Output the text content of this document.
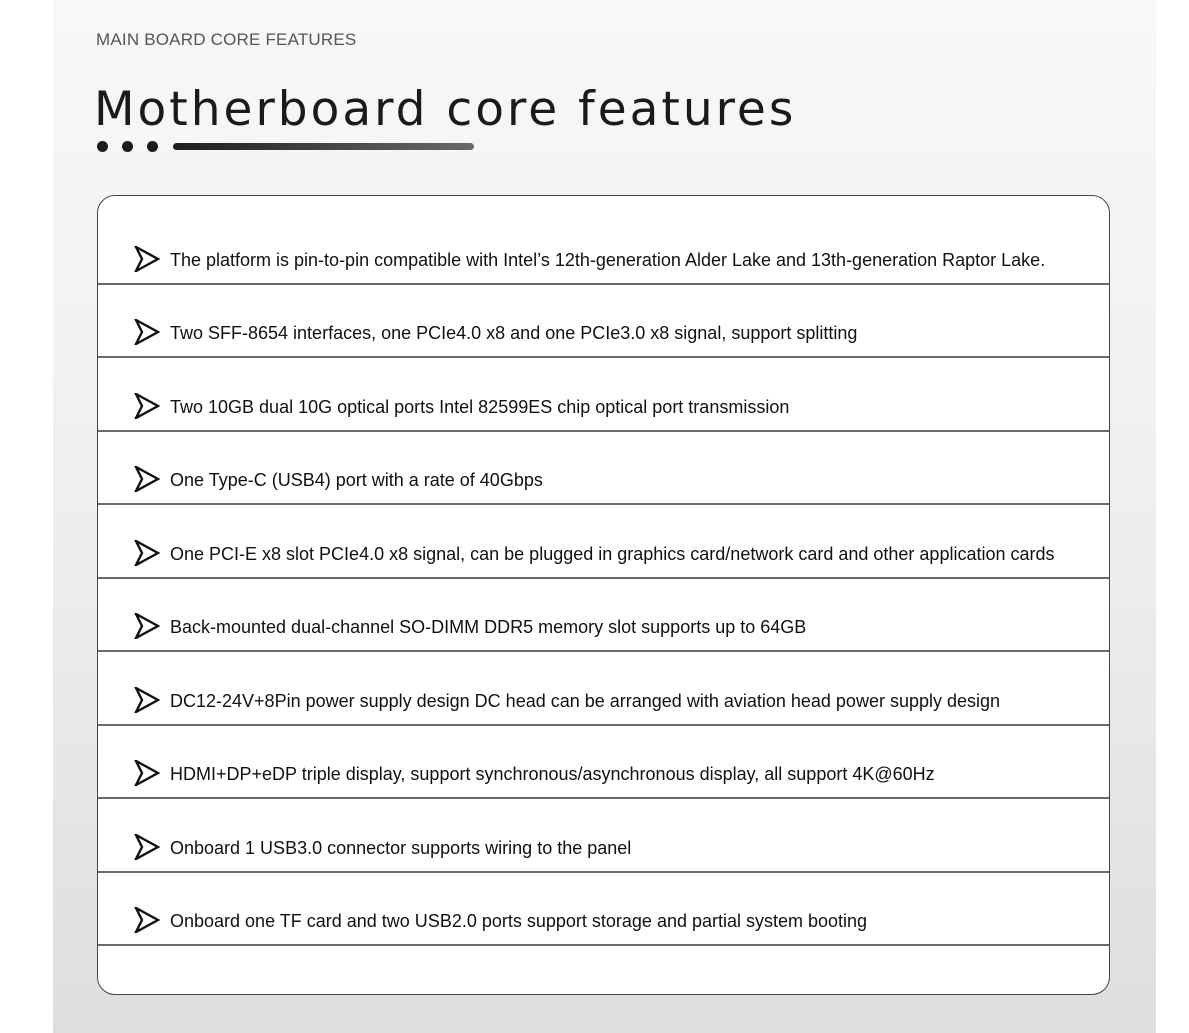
MAIN BOARD CORE FEATURES
Motherboard core features
The platform is pin-to-pin compatible with Intel’s 12th-generation Alder Lake and 13th-generation Raptor Lake.
Two SFF-8654 interfaces, one PCIe4.0 x8 and one PCIe3.0 x8 signal, support splitting
Two 10GB dual 10G optical ports Intel 82599ES chip optical port transmission
One Type-C (USB4) port with a rate of 40Gbps
One PCI-E x8 slot PCIe4.0 x8 signal, can be plugged in graphics card/network card and other application cards
Back-mounted dual-channel SO-DIMM DDR5 memory slot supports up to 64GB
DC12-24V+8Pin power supply design DC head can be arranged with aviation head power supply design
HDMI+DP+eDP triple display, support synchronous/asynchronous display, all support 4K@60Hz
Onboard 1 USB3.0 connector supports wiring to the panel
Onboard one TF card and two USB2.0 ports support storage and partial system booting
